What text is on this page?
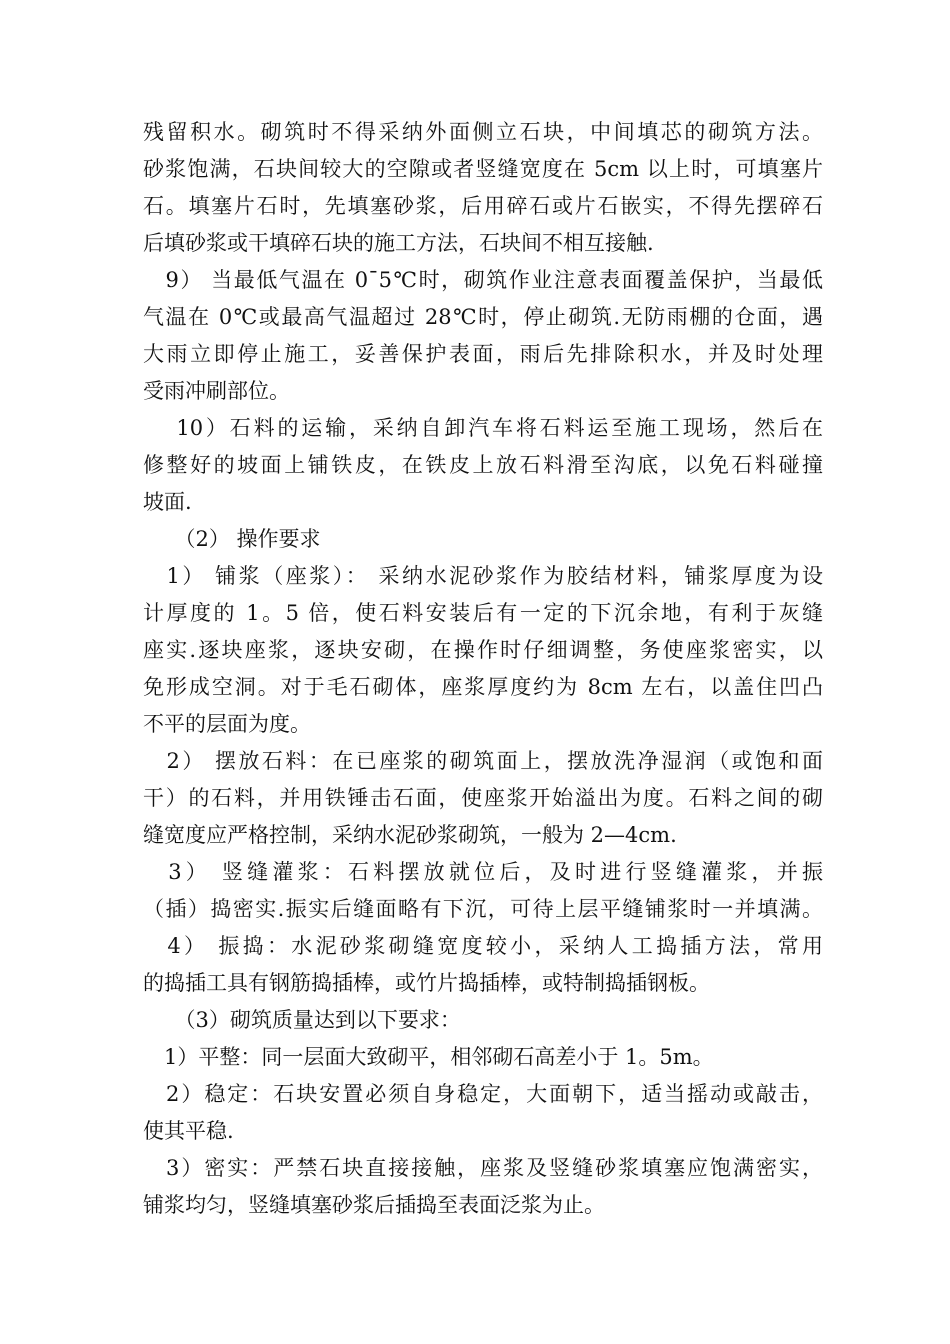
残留积水。砌筑时不得采纳外面侧立石块，中间填芯的砌筑方法。
砂浆饱满，石块间较大的空隙或者竖缝宽度在 5cm 以上时，可填塞片
石。填塞片石时，先填塞砂浆，后用碎石或片石嵌实，不得先摆碎石
后填砂浆或干填碎石块的施工方法，石块间不相互接触.
　9） 当最低气温在 0¯5℃时，砌筑作业注意表面覆盖保护，当最低
气温在 0℃或最高气温超过 28℃时，停止砌筑.无防雨棚的仓面，遇
大雨立即停止施工，妥善保护表面，雨后先排除积水，并及时处理
受雨冲刷部位。
　 10）石料的运输，采纳自卸汽车将石料运至施工现场，然后在
修整好的坡面上铺铁皮，在铁皮上放石料滑至沟底，以免石料碰撞
坡面.
　　（2） 操作要求
　1） 铺浆（座浆）： 采纳水泥砂浆作为胶结材料，铺浆厚度为设
计厚度的 1。5 倍，使石料安装后有一定的下沉余地，有利于灰缝
座实.逐块座浆，逐块安砌，在操作时仔细调整，务使座浆密实，以
免形成空洞。对于毛石砌体，座浆厚度约为 8cm 左右，以盖住凹凸
不平的层面为度。
　2） 摆放石料：在已座浆的砌筑面上，摆放洗净湿润（或饱和面
干）的石料，并用铁锤击石面，使座浆开始溢出为度。石料之间的砌
缝宽度应严格控制，采纳水泥砂浆砌筑，一般为 2—4cm.
　3） 竖缝灌浆：石料摆放就位后，及时进行竖缝灌浆，并振
（插）捣密实.振实后缝面略有下沉，可待上层平缝铺浆时一并填满。
　4） 振捣：水泥砂浆砌缝宽度较小，采纳人工捣插方法，常用
的捣插工具有钢筋捣插棒，或竹片捣插棒，或特制捣插钢板。
　　（3）砌筑质量达到以下要求：
　1）平整：同一层面大致砌平，相邻砌石高差小于 1。5m。
　2）稳定：石块安置必须自身稳定，大面朝下，适当摇动或敲击，
使其平稳.
　3）密实：严禁石块直接接触，座浆及竖缝砂浆填塞应饱满密实，
铺浆均匀，竖缝填塞砂浆后插捣至表面泛浆为止。
